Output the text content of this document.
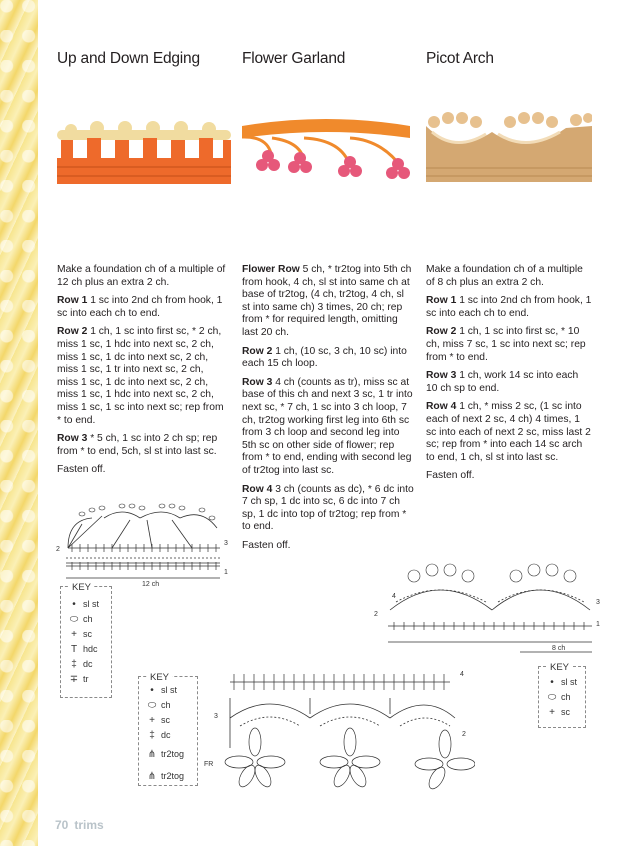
Up and Down Edging	Flower Garland	Picot Arch

Make a foundation ch of a multiple of 12 ch plus an extra 2 ch.

Row 1 1 sc into 2nd ch from hook, 1 sc into each ch to end.

Row 2 1 ch, 1 sc into first sc, * 2 ch, miss 1 sc, 1 hdc into next sc, 2 ch, miss 1 sc, 1 dc into next sc, 2 ch, miss 1 sc, 1 tr into next sc, 2 ch, miss 1 sc, 1 dc into next sc, 2 ch, miss 1 sc, 1 hdc into next sc, 2 ch, miss 1 sc, 1 sc into next sc; rep from * to end.

Row 3 * 5 ch, 1 sc into 2 ch sp; rep from * to end, 5ch, sl st into last sc.

Fasten off.

Flower Row 5 ch, * tr2tog into 5th ch from hook, 4 ch, sl st into same ch at base of tr2tog, (4 ch, tr2tog, 4 ch, sl st into same ch) 3 times, 20 ch; rep from * for required length, omitting last 20 ch.

Row 2 1 ch, (10 sc, 3 ch, 10 sc) into each 15 ch loop.

Row 3 4 ch (counts as tr), miss sc at base of this ch and next 3 sc, 1 tr into next sc, * 7 ch, 1 sc into 3 ch loop, 7 ch, tr2tog working first leg into 6th sc from 3 ch loop and second leg into 5th sc on other side of flower; rep from * to end, ending with second leg of tr2tog into last sc.

Row 4 3 ch (counts as dc), * 6 dc into 7 ch sp, 1 dc into sc, 6 dc into 7 ch sp, 1 dc into top of tr2tog; rep from * to end.

Fasten off.

Make a foundation ch of a multiple of 8 ch plus an extra 2 ch.

Row 1 1 sc into 2nd ch from hook, 1 sc into each ch to end.

Row 2 1 ch, 1 sc into first sc, * 10 ch, miss 7 sc, 1 sc into next sc; rep from * to end.

Row 3 1 ch, work 14 sc into each 10 ch sp to end.

Row 4 1 ch, * miss 2 sc, (1 sc into each of next 2 sc, 4 ch) 4 times, 1 sc into each of next 2 sc, miss last 2 sc; rep from * into each 14 sc arch to end, 1 ch, sl st into last sc.

Fasten off.

2
3
1
12 ch
KEY
• sl st
⬭ ch
+ sc
T hdc
‡ dc
∓ tr	KEY
• sl st
⬭ ch
+ sc
‡ dc
⋔ tr2tog
⋔ tr2tog
4
3
2
FR
4
3
2
1
8 ch
KEY
• sl st
⬭ ch
+ sc
70 trims
